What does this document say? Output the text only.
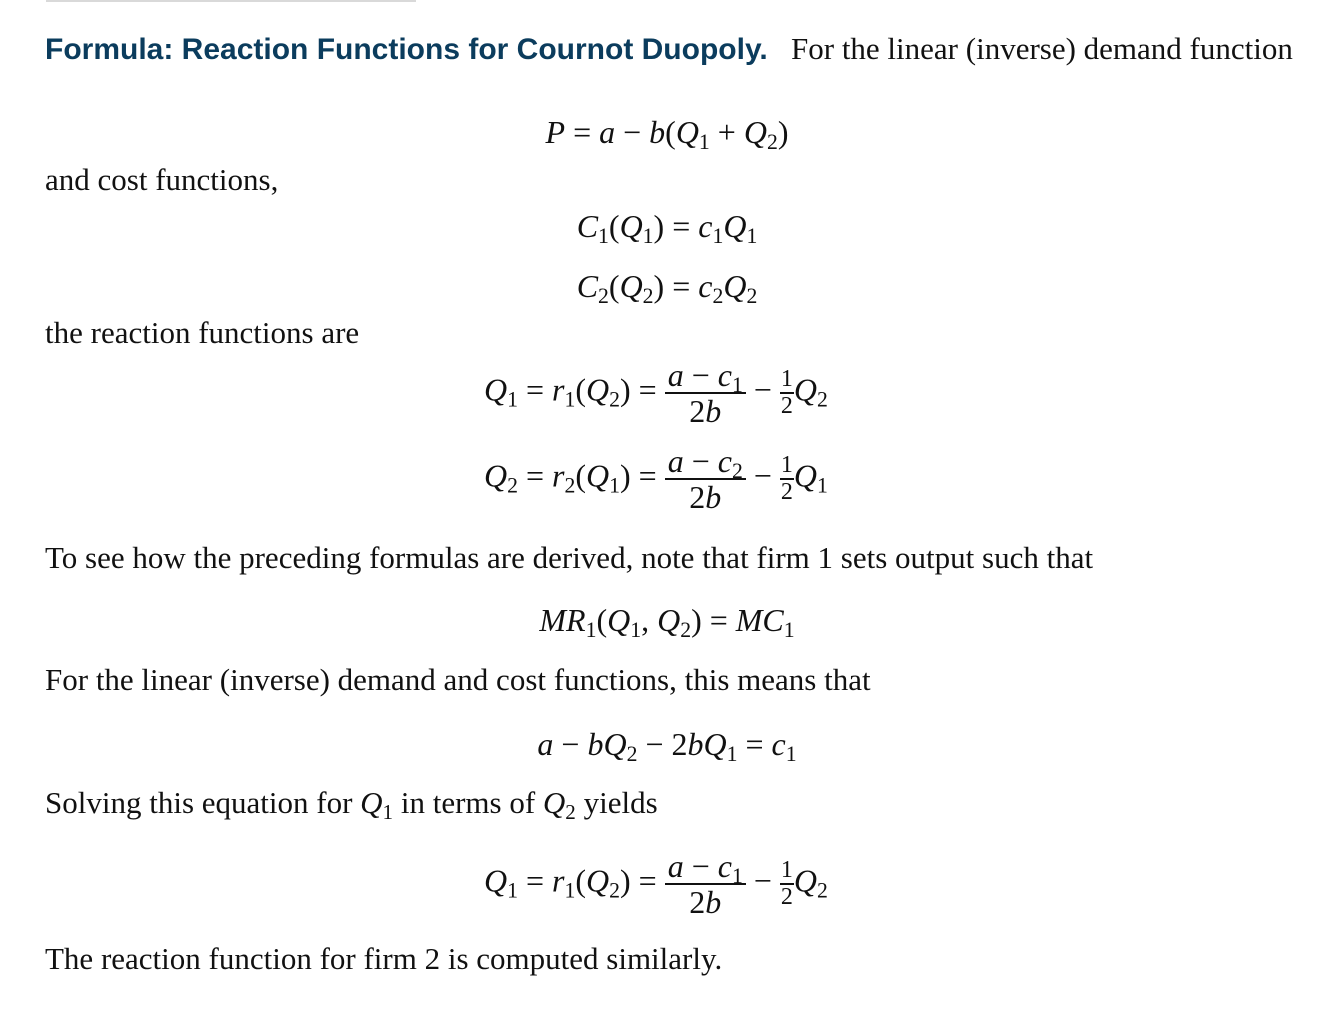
Formula: Reaction Functions for Cournot Duopoly. For the linear (inverse) demand function
$P = a - b(Q_1 + Q_2)$
and cost functions,
$C_1(Q_1) = c_1Q_1$
$C_2(Q_2) = c_2Q_2$
the reaction functions are
$Q_1 = r_1(Q_2) = \frac{a - c_1}{2b} - \frac{1}{2} Q_2$
$Q_2 = r_2(Q_1) = \frac{a - c_2}{2b} - \frac{1}{2} Q_1$
To see how the preceding formulas are derived, note that firm 1 sets output such that
$MR_1(Q_1$, $Q_2) = MC_1$
For the linear (inverse) demand and cost functions, this means that
$a - bQ_2 - 2bQ_1 = c_1$
Solving this equation for $Q_1$ in terms of $Q_2$ yields
$Q_1 = r_1(Q_2) = \frac{a - c_1}{2b} - \frac{1}{2} Q_2$
The reaction function for firm 2 is computed similarly.
